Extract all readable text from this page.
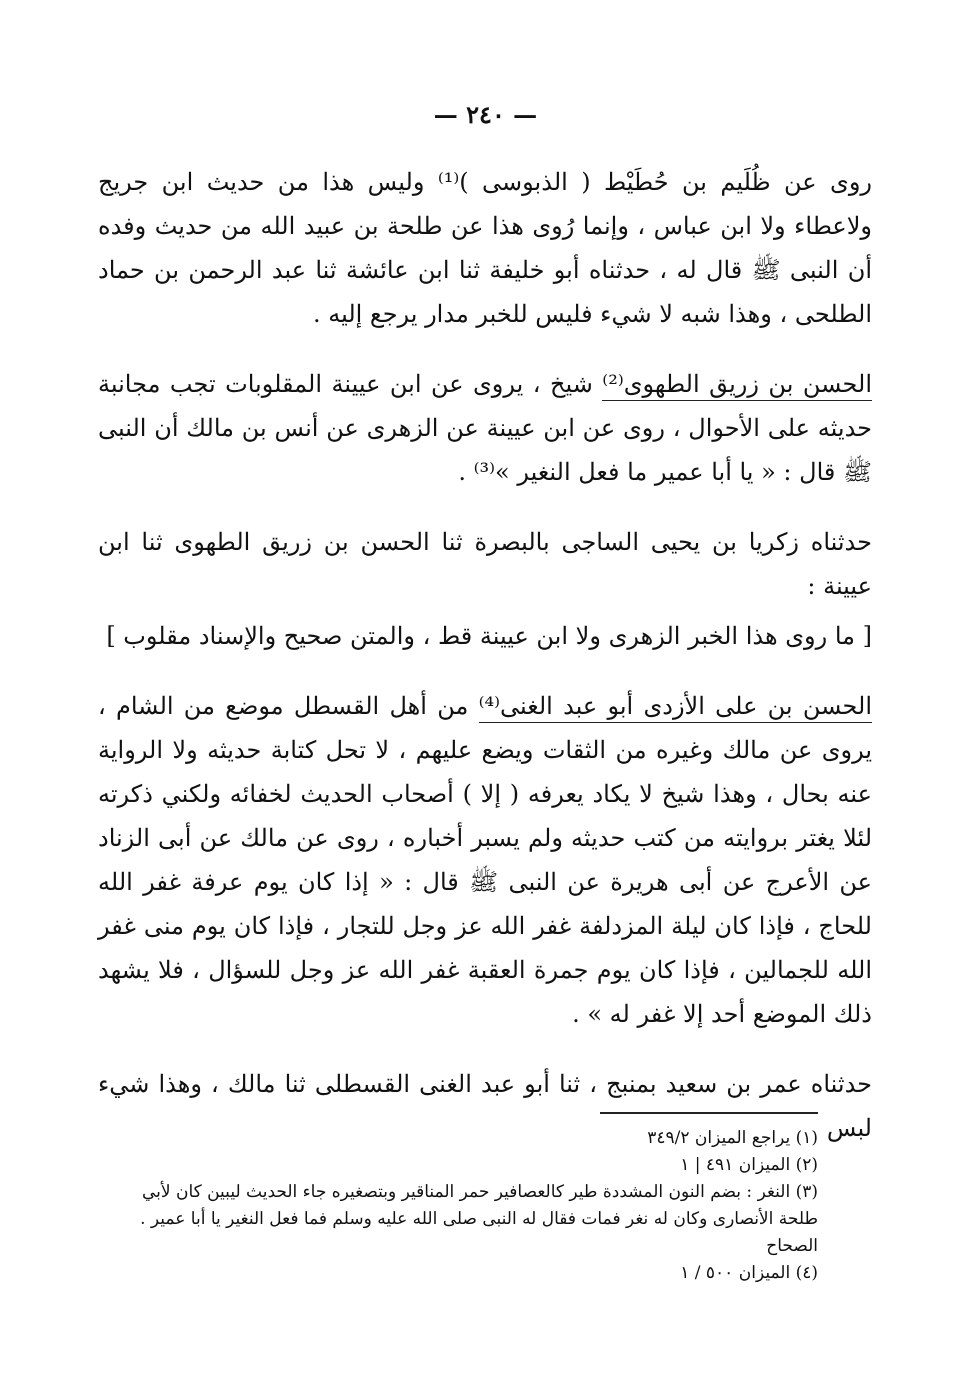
— ٢٤٠ —

روى عن ظُلَيم بن حُطَيْط ( الذبوسى )⁽¹⁾ وليس هذا من حديث ابن جريج ولاعطاء ولا ابن عباس ، وإنما رُوى هذا عن طلحة بن عبيد الله من حديث وفده أن النبى ﷺ قال له ، حدثناه أبو خليفة ثنا ابن عائشة ثنا عبد الرحمن بن حماد الطلحى ، وهذا شبه لا شيء فليس للخبر مدار يرجع إليه .

الحسن بن زريق الطهوى⁽²⁾ شيخ ، يروى عن ابن عيينة المقلوبات تجب مجانبة حديثه على الأحوال ، روى عن ابن عيينة عن الزهرى عن أنس بن مالك أن النبى ﷺ قال : « يا أبا عمير ما فعل النغير »⁽³⁾ .

حدثناه زكريا بن يحيى الساجى بالبصرة ثنا الحسن بن زريق الطهوى ثنا ابن عيينة :

[ ما روى هذا الخبر الزهرى ولا ابن عيينة قط ، والمتن صحيح والإسناد مقلوب ]

الحسن بن على الأزدى أبو عبد الغنى⁽⁴⁾ من أهل القسطل موضع من الشام ، يروى عن مالك وغيره من الثقات ويضع عليهم ، لا تحل كتابة حديثه ولا الرواية عنه بحال ، وهذا شيخ لا يكاد يعرفه ( إلا ) أصحاب الحديث لخفائه ولكني ذكرته لئلا يغتر بروايته من كتب حديثه ولم يسبر أخباره ، روى عن مالك عن أبى الزناد عن الأعرج عن أبى هريرة عن النبى ﷺ قال : « إذا كان يوم عرفة غفر الله للحاج ، فإذا كان ليلة المزدلفة غفر الله عز وجل للتجار ، فإذا كان يوم منى غفر الله للجمالين ، فإذا كان يوم جمرة العقبة غفر الله عز وجل للسؤال ، فلا يشهد ذلك الموضع أحد إلا غفر له » .

حدثناه عمر بن سعيد بمنبج ، ثنا أبو عبد الغنى القسطلى ثنا مالك ، وهذا شيء لبس

(١) يراجع الميزان ٣٤٩/٢

(٢) الميزان ٤٩١ | ١

(٣) النغر : بضم النون المشددة طير كالعصافير حمر المناقير وبتصغيره جاء الحديث ليبين كان لأبي طلحة الأنصارى وكان له نغر فمات فقال له النبى صلى الله عليه وسلم فما فعل النغير يا أبا عمير . الصحاح

(٤) الميزان ٥٠٠ / ١
